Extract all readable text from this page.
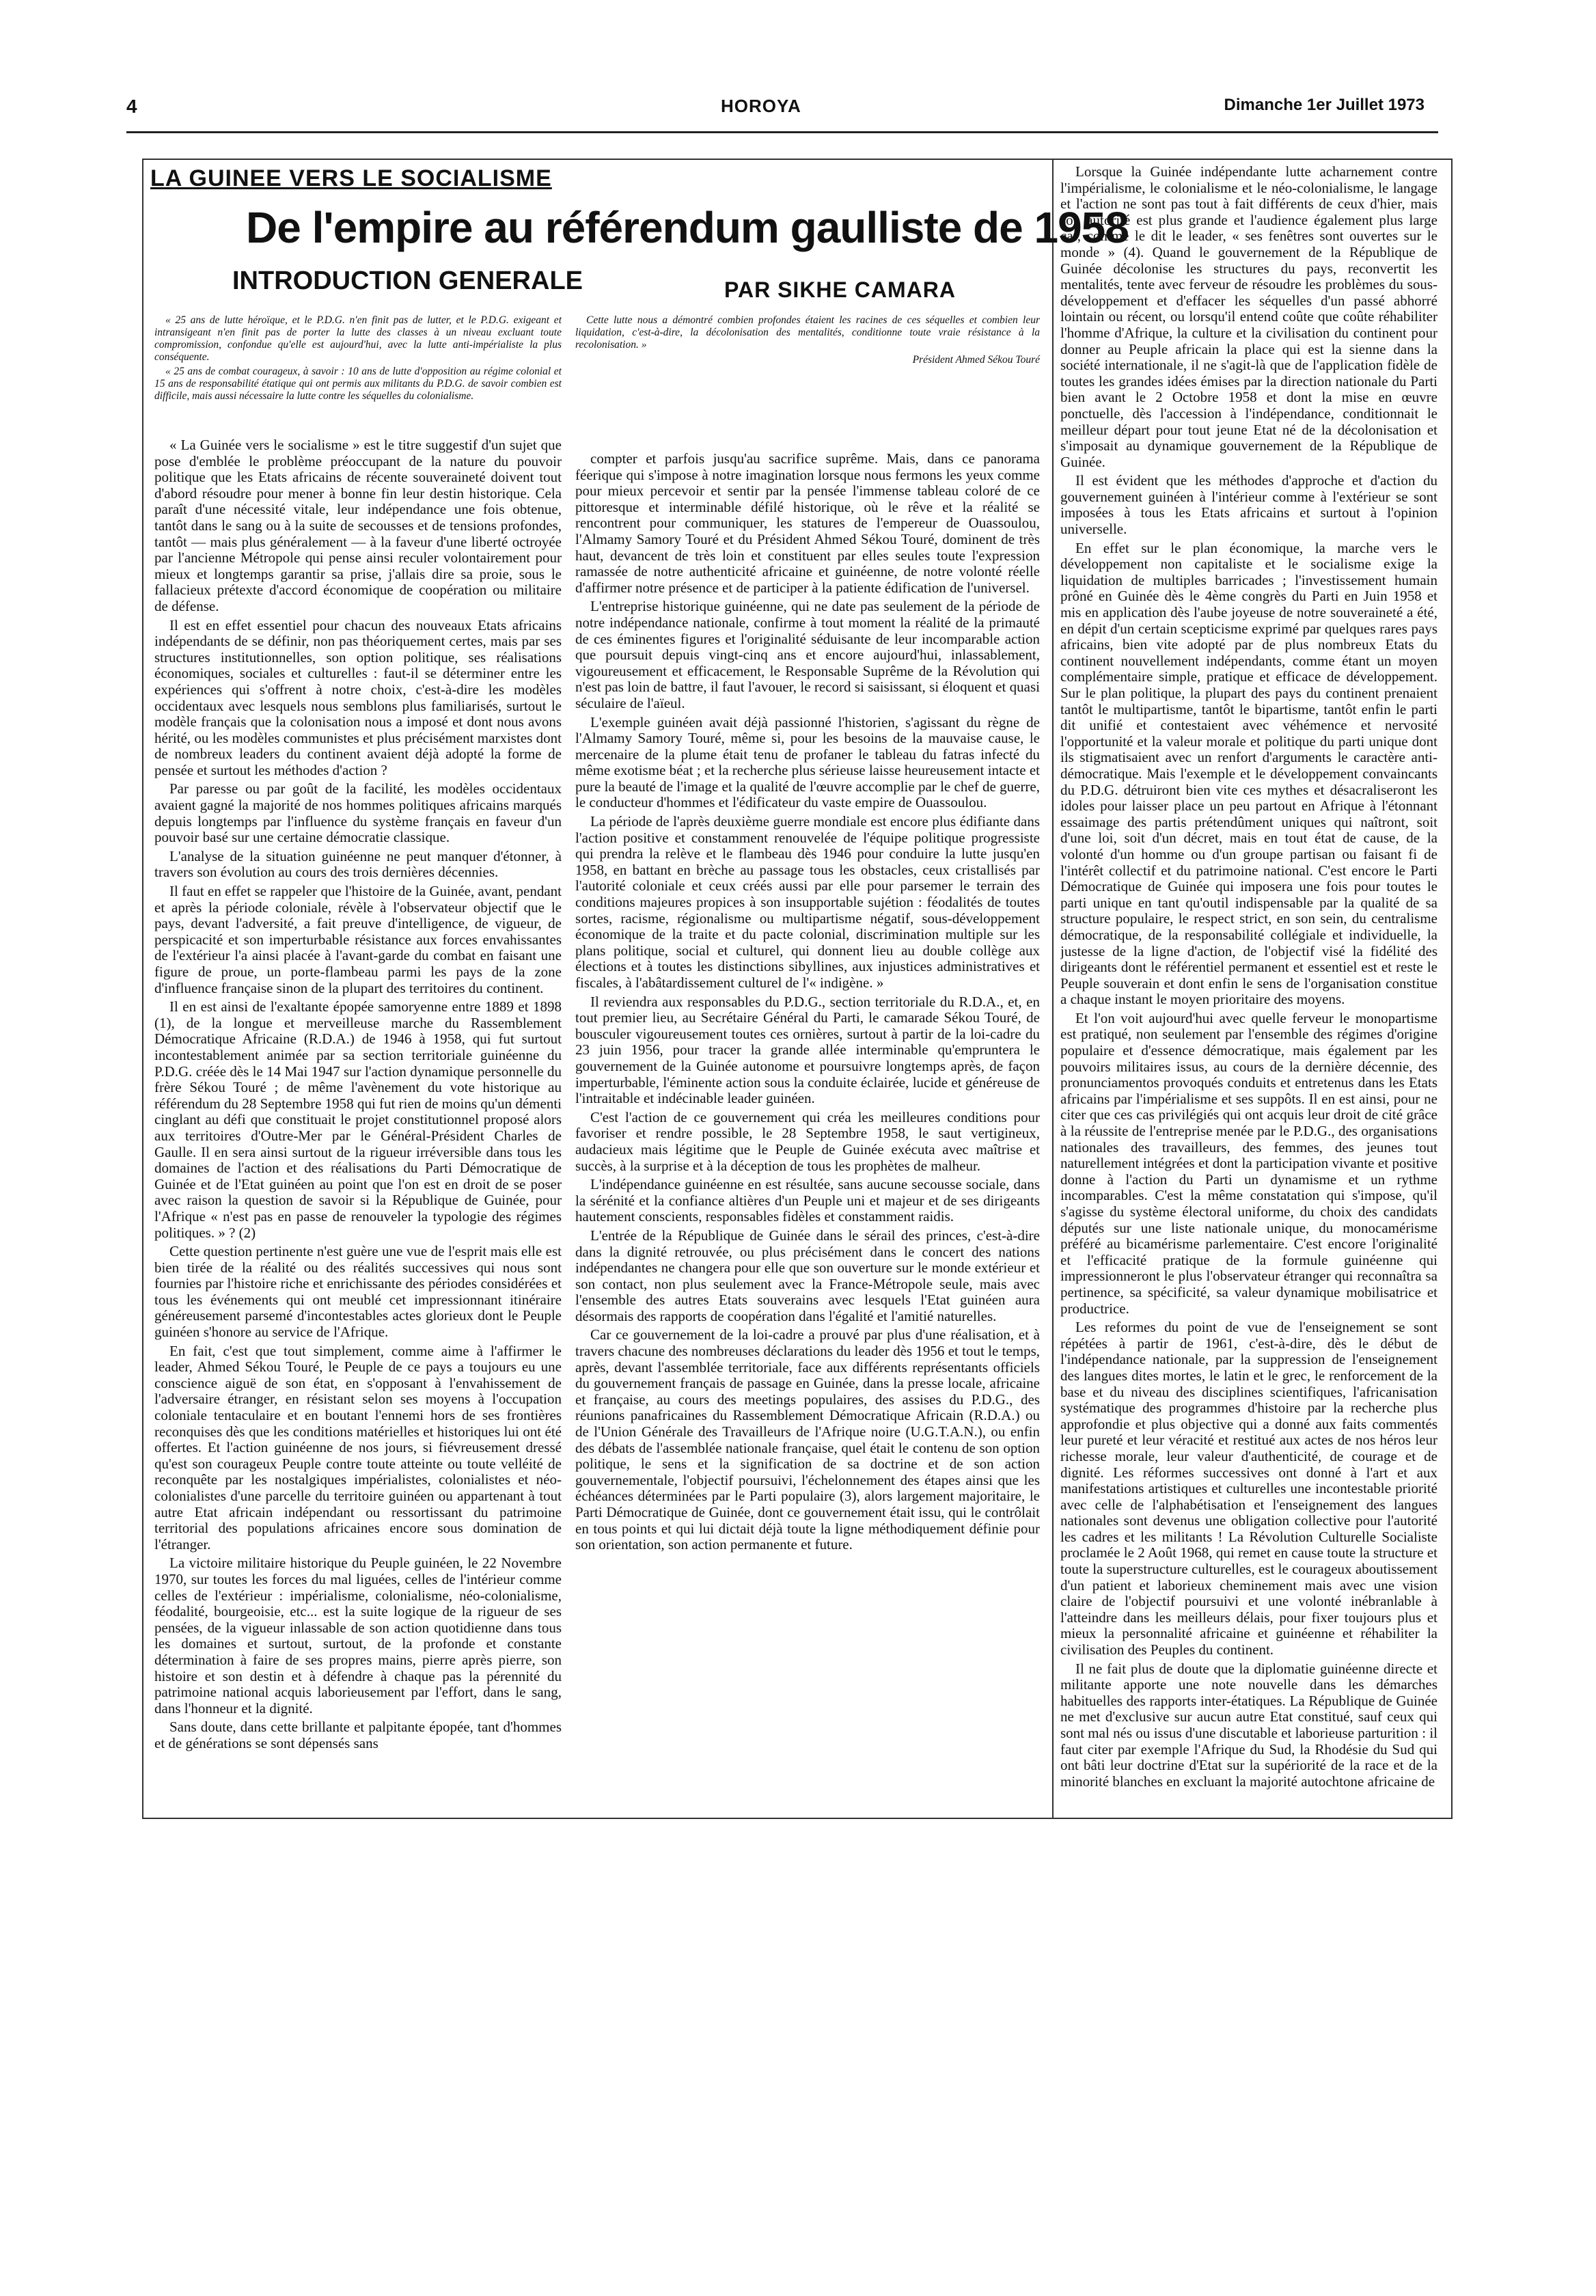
4	HOROYA	Dimanche 1er Juillet 1973
LA GUINEE VERS LE SOCIALISME
De l'empire au référendum gaulliste de 1958
INTRODUCTION GENERALE	PAR SIKHE CAMARA

« 25 ans de lutte héroïque, et le P.D.G. n'en finit pas de lutter, et le P.D.G. exigeant et intransigeant n'en finit pas de porter la lutte des classes à un niveau excluant toute compromission, confondue qu'elle est aujourd'hui, avec la lutte anti-impérialiste la plus conséquente.

« 25 ans de combat courageux, à savoir : 10 ans de lutte d'opposition au régime colonial et 15 ans de responsabilité étatique qui ont permis aux militants du P.D.G. de savoir combien est difficile, mais aussi nécessaire la lutte contre les séquelles du colonialisme.

Cette lutte nous a démontré combien profondes étaient les racines de ces séquelles et combien leur liquidation, c'est-à-dire, la décolonisation des mentalités, conditionne toute vraie résistance à la recolonisation. »

Président Ahmed Sékou Touré

« La Guinée vers le socialisme » est le titre suggestif d'un sujet que pose d'emblée le problème préoccupant de la nature du pouvoir politique que les Etats africains de récente souveraineté doivent tout d'abord résoudre pour mener à bonne fin leur destin historique. Cela paraît d'une nécessité vitale, leur indépendance une fois obtenue, tantôt dans le sang ou à la suite de secousses et de tensions profondes, tantôt — mais plus généralement — à la faveur d'une liberté octroyée par l'ancienne Métropole qui pense ainsi reculer volontairement pour mieux et longtemps garantir sa prise, j'allais dire sa proie, sous le fallacieux prétexte d'accord économique de coopération ou militaire de défense.

Il est en effet essentiel pour chacun des nouveaux Etats africains indépendants de se définir, non pas théoriquement certes, mais par ses structures institutionnelles, son option politique, ses réalisations économiques, sociales et culturelles : faut-il se déterminer entre les expériences qui s'offrent à notre choix, c'est-à-dire les modèles occidentaux avec lesquels nous semblons plus familiarisés, surtout le modèle français que la colonisation nous a imposé et dont nous avons hérité, ou les modèles communistes et plus précisément marxistes dont de nombreux leaders du continent avaient déjà adopté la forme de pensée et surtout les méthodes d'action ?

Par paresse ou par goût de la facilité, les modèles occidentaux avaient gagné la majorité de nos hommes politiques africains marqués depuis longtemps par l'influence du système français en faveur d'un pouvoir basé sur une certaine démocratie classique.

L'analyse de la situation guinéenne ne peut manquer d'étonner, à travers son évolution au cours des trois dernières décennies.

Il faut en effet se rappeler que l'histoire de la Guinée, avant, pendant et après la période coloniale, révèle à l'observateur objectif que le pays, devant l'adversité, a fait preuve d'intelligence, de vigueur, de perspicacité et son imperturbable résistance aux forces envahissantes de l'extérieur l'a ainsi placée à l'avant-garde du combat en faisant une figure de proue, un porte-flambeau parmi les pays de la zone d'influence française sinon de la plupart des territoires du continent.

Il en est ainsi de l'exaltante épopée samoryenne entre 1889 et 1898 (1), de la longue et merveilleuse marche du Rassemblement Démocratique Africaine (R.D.A.) de 1946 à 1958, qui fut surtout incontestablement animée par sa section territoriale guinéenne du P.D.G. créée dès le 14 Mai 1947 sur l'action dynamique personnelle du frère Sékou Touré ; de même l'avènement du vote historique au référendum du 28 Septembre 1958 qui fut rien de moins qu'un démenti cinglant au défi que constituait le projet constitutionnel proposé alors aux territoires d'Outre-Mer par le Général-Président Charles de Gaulle. Il en sera ainsi surtout de la rigueur irréversible dans tous les domaines de l'action et des réalisations du Parti Démocratique de Guinée et de l'Etat guinéen au point que l'on est en droit de se poser avec raison la question de savoir si la République de Guinée, pour l'Afrique « n'est pas en passe de renouveler la typologie des régimes politiques. » ? (2)

Cette question pertinente n'est guère une vue de l'esprit mais elle est bien tirée de la réalité ou des réalités successives qui nous sont fournies par l'histoire riche et enrichissante des périodes considérées et tous les événements qui ont meublé cet impressionnant itinéraire généreusement parsemé d'incontestables actes glorieux dont le Peuple guinéen s'honore au service de l'Afrique.

En fait, c'est que tout simplement, comme aime à l'affirmer le leader, Ahmed Sékou Touré, le Peuple de ce pays a toujours eu une conscience aiguë de son état, en s'opposant à l'envahissement de l'adversaire étranger, en résistant selon ses moyens à l'occupation coloniale tentaculaire et en boutant l'ennemi hors de ses frontières reconquises dès que les conditions matérielles et historiques lui ont été offertes. Et l'action guinéenne de nos jours, si fiévreusement dressé qu'est son courageux Peuple contre toute atteinte ou toute velléité de reconquête par les nostalgiques impérialistes, colonialistes et néo-colonialistes d'une parcelle du territoire guinéen ou appartenant à tout autre Etat africain indépendant ou ressortissant du patrimoine territorial des populations africaines encore sous domination de l'étranger.

La victoire militaire historique du Peuple guinéen, le 22 Novembre 1970, sur toutes les forces du mal liguées, celles de l'intérieur comme celles de l'extérieur : impérialisme, colonialisme, néo-colonialisme, féodalité, bourgeoisie, etc... est la suite logique de la rigueur de ses pensées, de la vigueur inlassable de son action quotidienne dans tous les domaines et surtout, surtout, de la profonde et constante détermination à faire de ses propres mains, pierre après pierre, son histoire et son destin et à défendre à chaque pas la pérennité du patrimoine national acquis laborieusement par l'effort, dans le sang, dans l'honneur et la dignité.

Sans doute, dans cette brillante et palpitante épopée, tant d'hommes et de générations se sont dépensés sans

compter et parfois jusqu'au sacrifice suprême. Mais, dans ce panorama féerique qui s'impose à notre imagination lorsque nous fermons les yeux comme pour mieux percevoir et sentir par la pensée l'immense tableau coloré de ce pittoresque et interminable défilé historique, où le rêve et la réalité se rencontrent pour communiquer, les statures de l'empereur de Ouassoulou, l'Almamy Samory Touré et du Président Ahmed Sékou Touré, dominent de très haut, devancent de très loin et constituent par elles seules toute l'expression ramassée de notre authenticité africaine et guinéenne, de notre volonté réelle d'affirmer notre présence et de participer à la patiente édification de l'universel.

L'entreprise historique guinéenne, qui ne date pas seulement de la période de notre indépendance nationale, confirme à tout moment la réalité de la primauté de ces éminentes figures et l'originalité séduisante de leur incomparable action que poursuit depuis vingt-cinq ans et encore aujourd'hui, inlassablement, vigoureusement et efficacement, le Responsable Suprême de la Révolution qui n'est pas loin de battre, il faut l'avouer, le record si saisissant, si éloquent et quasi séculaire de l'aïeul.

L'exemple guinéen avait déjà passionné l'historien, s'agissant du règne de l'Almamy Samory Touré, même si, pour les besoins de la mauvaise cause, le mercenaire de la plume était tenu de profaner le tableau du fatras infecté du même exotisme béat ; et la recherche plus sérieuse laisse heureusement intacte et pure la beauté de l'image et la qualité de l'œuvre accomplie par le chef de guerre, le conducteur d'hommes et l'édificateur du vaste empire de Ouassoulou.

La période de l'après deuxième guerre mondiale est encore plus édifiante dans l'action positive et constamment renouvelée de l'équipe politique progressiste qui prendra la relève et le flambeau dès 1946 pour conduire la lutte jusqu'en 1958, en battant en brèche au passage tous les obstacles, ceux cristallisés par l'autorité coloniale et ceux créés aussi par elle pour parsemer le terrain des conditions majeures propices à son insupportable sujétion : féodalités de toutes sortes, racisme, régionalisme ou multipartisme négatif, sous-développement économique de la traite et du pacte colonial, discrimination multiple sur les plans politique, social et culturel, qui donnent lieu au double collège aux élections et à toutes les distinctions sibyllines, aux injustices administratives et fiscales, à l'abâtardissement culturel de l'« indigène. »

Il reviendra aux responsables du P.D.G., section territoriale du R.D.A., et, en tout premier lieu, au Secrétaire Général du Parti, le camarade Sékou Touré, de bousculer vigoureusement toutes ces ornières, surtout à partir de la loi-cadre du 23 juin 1956, pour tracer la grande allée interminable qu'empruntera le gouvernement de la Guinée autonome et poursuivre longtemps après, de façon imperturbable, l'éminente action sous la conduite éclairée, lucide et généreuse de l'intraitable et indécinable leader guinéen.

C'est l'action de ce gouvernement qui créa les meilleures conditions pour favoriser et rendre possible, le 28 Septembre 1958, le saut vertigineux, audacieux mais légitime que le Peuple de Guinée exécuta avec maîtrise et succès, à la surprise et à la déception de tous les prophètes de malheur.

L'indépendance guinéenne en est résultée, sans aucune secousse sociale, dans la sérénité et la confiance altières d'un Peuple uni et majeur et de ses dirigeants hautement conscients, responsables fidèles et constamment raidis.

L'entrée de la République de Guinée dans le sérail des princes, c'est-à-dire dans la dignité retrouvée, ou plus précisément dans le concert des nations indépendantes ne changera pour elle que son ouverture sur le monde extérieur et son contact, non plus seulement avec la France-Métropole seule, mais avec l'ensemble des autres Etats souverains avec lesquels l'Etat guinéen aura désormais des rapports de coopération dans l'égalité et l'amitié naturelles.

Car ce gouvernement de la loi-cadre a prouvé par plus d'une réalisation, et à travers chacune des nombreuses déclarations du leader dès 1956 et tout le temps, après, devant l'assemblée territoriale, face aux différents représentants officiels du gouvernement français de passage en Guinée, dans la presse locale, africaine et française, au cours des meetings populaires, des assises du P.D.G., des réunions panafricaines du Rassemblement Démocratique Africain (R.D.A.) ou de l'Union Générale des Travailleurs de l'Afrique noire (U.G.T.A.N.), ou enfin des débats de l'assemblée nationale française, quel était le contenu de son option politique, le sens et la signification de sa doctrine et de son action gouvernementale, l'objectif poursuivi, l'échelonnement des étapes ainsi que les échéances déterminées par le Parti populaire (3), alors largement majoritaire, le Parti Démocratique de Guinée, dont ce gouvernement était issu, qui le contrôlait en tous points et qui lui dictait déjà toute la ligne méthodiquement définie pour son orientation, son action permanente et future.

Lorsque la Guinée indépendante lutte acharnement contre l'impérialisme, le colonialisme et le néo-colonialisme, le langage et l'action ne sont pas tout à fait différents de ceux d'hier, mais son autorité est plus grande et l'audience également plus large car, comme le dit le leader, « ses fenêtres sont ouvertes sur le monde » (4). Quand le gouvernement de la République de Guinée décolonise les structures du pays, reconvertit les mentalités, tente avec ferveur de résoudre les problèmes du sous-développement et d'effacer les séquelles d'un passé abhorré lointain ou récent, ou lorsqu'il entend coûte que coûte réhabiliter l'homme d'Afrique, la culture et la civilisation du continent pour donner au Peuple africain la place qui est la sienne dans la société internationale, il ne s'agit-là que de l'application fidèle de toutes les grandes idées émises par la direction nationale du Parti bien avant le 2 Octobre 1958 et dont la mise en œuvre ponctuelle, dès l'accession à l'indépendance, conditionnait le meilleur départ pour tout jeune Etat né de la décolonisation et s'imposait au dynamique gouvernement de la République de Guinée.

Il est évident que les méthodes d'approche et d'action du gouvernement guinéen à l'intérieur comme à l'extérieur se sont imposées à tous les Etats africains et surtout à l'opinion universelle.

En effet sur le plan économique, la marche vers le développement non capitaliste et le socialisme exige la liquidation de multiples barricades ; l'investissement humain prôné en Guinée dès le 4ème congrès du Parti en Juin 1958 et mis en application dès l'aube joyeuse de notre souveraineté a été, en dépit d'un certain scepticisme exprimé par quelques rares pays africains, bien vite adopté par de plus nombreux Etats du continent nouvellement indépendants, comme étant un moyen complémentaire simple, pratique et efficace de développement. Sur le plan politique, la plupart des pays du continent prenaient tantôt le multipartisme, tantôt le bipartisme, tantôt enfin le parti dit unifié et contestaient avec véhémence et nervosité l'opportunité et la valeur morale et politique du parti unique dont ils stigmatisaient avec un renfort d'arguments le caractère anti-démocratique. Mais l'exemple et le développement convaincants du P.D.G. détruiront bien vite ces mythes et désacraliseront les idoles pour laisser place un peu partout en Afrique à l'étonnant essaimage des partis prétendûment uniques qui naîtront, soit d'une loi, soit d'un décret, mais en tout état de cause, de la volonté d'un homme ou d'un groupe partisan ou faisant fi de l'intérêt collectif et du patrimoine national. C'est encore le Parti Démocratique de Guinée qui imposera une fois pour toutes le parti unique en tant qu'outil indispensable par la qualité de sa structure populaire, le respect strict, en son sein, du centralisme démocratique, de la responsabilité collégiale et individuelle, la justesse de la ligne d'action, de l'objectif visé la fidélité des dirigeants dont le référentiel permanent et essentiel est et reste le Peuple souverain et dont enfin le sens de l'organisation constitue a chaque instant le moyen prioritaire des moyens.

Et l'on voit aujourd'hui avec quelle ferveur le monopartisme est pratiqué, non seulement par l'ensemble des régimes d'origine populaire et d'essence démocratique, mais également par les pouvoirs militaires issus, au cours de la dernière décennie, des pronunciamentos provoqués conduits et entretenus dans les Etats africains par l'impérialisme et ses suppôts. Il en est ainsi, pour ne citer que ces cas privilégiés qui ont acquis leur droit de cité grâce à la réussite de l'entreprise menée par le P.D.G., des organisations nationales des travailleurs, des femmes, des jeunes tout naturellement intégrées et dont la participation vivante et positive donne à l'action du Parti un dynamisme et un rythme incomparables. C'est la même constatation qui s'impose, qu'il s'agisse du système électoral uniforme, du choix des candidats députés sur une liste nationale unique, du monocamérisme préféré au bicamérisme parlementaire. C'est encore l'originalité et l'efficacité pratique de la formule guinéenne qui impressionneront le plus l'observateur étranger qui reconnaîtra sa pertinence, sa spécificité, sa valeur dynamique mobilisatrice et productrice.

Les reformes du point de vue de l'enseignement se sont répétées à partir de 1961, c'est-à-dire, dès le début de l'indépendance nationale, par la suppression de l'enseignement des langues dites mortes, le latin et le grec, le renforcement de la base et du niveau des disciplines scientifiques, l'africanisation systématique des programmes d'histoire par la recherche plus approfondie et plus objective qui a donné aux faits commentés leur pureté et leur véracité et restitué aux actes de nos héros leur richesse morale, leur valeur d'authenticité, de courage et de dignité. Les réformes successives ont donné à l'art et aux manifestations artistiques et culturelles une incontestable priorité avec celle de l'alphabétisation et l'enseignement des langues nationales sont devenus une obligation collective pour l'autorité les cadres et les militants ! La Révolution Culturelle Socialiste proclamée le 2 Août 1968, qui remet en cause toute la structure et toute la superstructure culturelles, est le courageux aboutissement d'un patient et laborieux cheminement mais avec une vision claire de l'objectif poursuivi et une volonté inébranlable à l'atteindre dans les meilleurs délais, pour fixer toujours plus et mieux la personnalité africaine et guinéenne et réhabiliter la civilisation des Peuples du continent.

Il ne fait plus de doute que la diplomatie guinéenne directe et militante apporte une note nouvelle dans les démarches habituelles des rapports inter-étatiques. La République de Guinée ne met d'exclusive sur aucun autre Etat constitué, sauf ceux qui sont mal nés ou issus d'une discutable et laborieuse parturition : il faut citer par exemple l'Afrique du Sud, la Rhodésie du Sud qui ont bâti leur doctrine d'Etat sur la supériorité de la race et de la minorité blanches en excluant la majorité autochtone africaine de
